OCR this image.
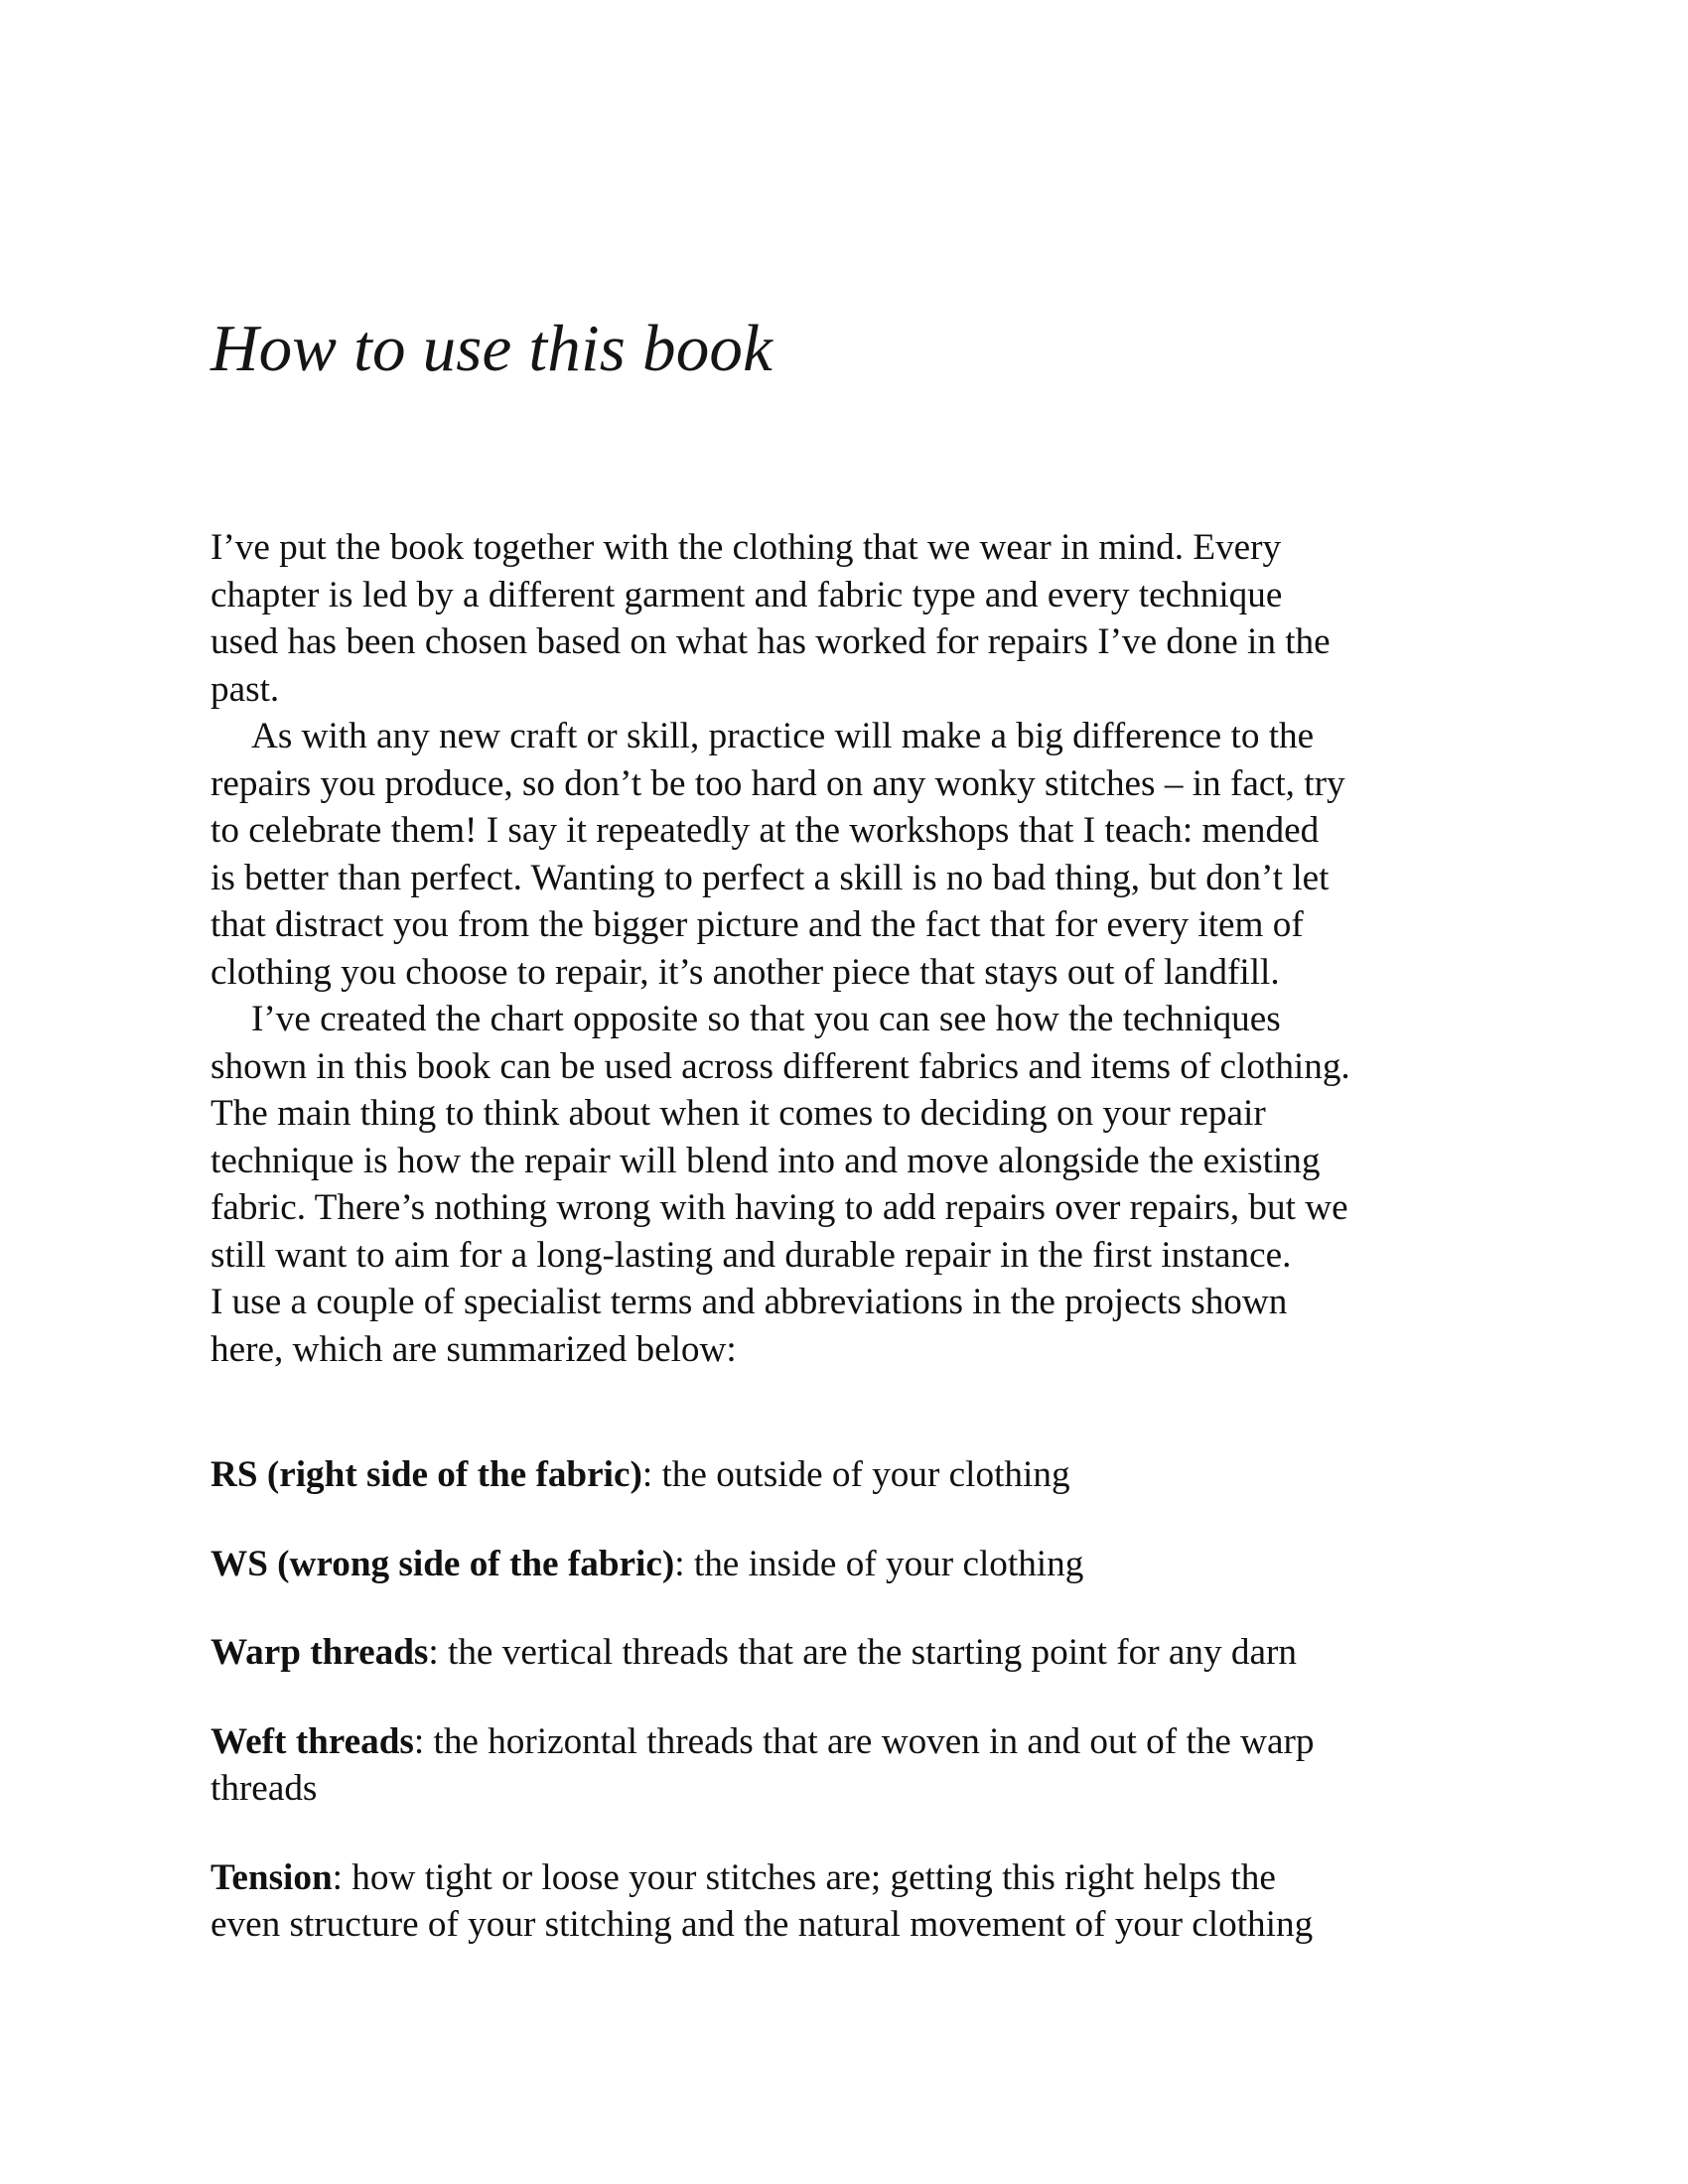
How to use this book

I’ve put the book together with the clothing that we wear in mind. Every
chapter is led by a different garment and fabric type and every technique
used has been chosen based on what has worked for repairs I’ve done in the
past.

As with any new craft or skill, practice will make a big difference to the
repairs you produce, so don’t be too hard on any wonky stitches – in fact, try
to celebrate them! I say it repeatedly at the workshops that I teach: mended
is better than perfect. Wanting to perfect a skill is no bad thing, but don’t let
that distract you from the bigger picture and the fact that for every item of
clothing you choose to repair, it’s another piece that stays out of landfill.

I’ve created the chart opposite so that you can see how the techniques
shown in this book can be used across different fabrics and items of clothing.
The main thing to think about when it comes to deciding on your repair
technique is how the repair will blend into and move alongside the existing
fabric. There’s nothing wrong with having to add repairs over repairs, but we
still want to aim for a long-lasting and durable repair in the first instance.
I use a couple of specialist terms and abbreviations in the projects shown
here, which are summarized below:

RS (right side of the fabric): the outside of your clothing

WS (wrong side of the fabric): the inside of your clothing

Warp threads: the vertical threads that are the starting point for any darn

Weft threads: the horizontal threads that are woven in and out of the warp
threads

Tension: how tight or loose your stitches are; getting this right helps the
even structure of your stitching and the natural movement of your clothing
